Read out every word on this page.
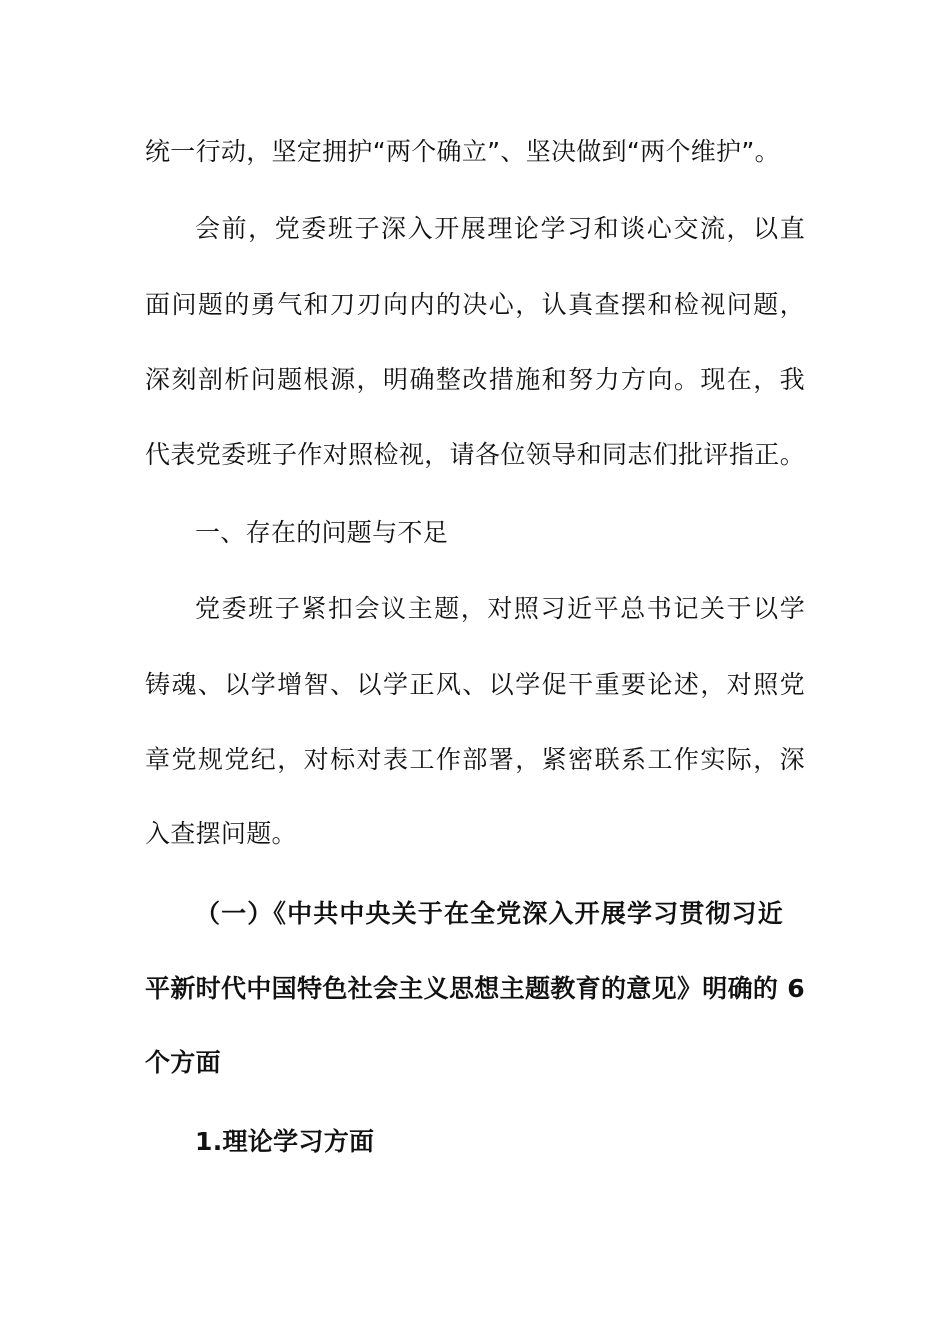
统一行动，坚定拥护“两个确立”、坚决做到“两个维护”。
会前，党委班子深入开展理论学习和谈心交流，以直
面问题的勇气和刀刃向内的决心，认真查摆和检视问题，
深刻剖析问题根源，明确整改措施和努力方向。现在，我
代表党委班子作对照检视，请各位领导和同志们批评指正。
一、存在的问题与不足
党委班子紧扣会议主题，对照习近平总书记关于以学
铸魂、以学增智、以学正风、以学促干重要论述，对照党
章党规党纪，对标对表工作部署，紧密联系工作实际，深
入查摆问题。
（一）《中共中央关于在全党深入开展学习贯彻习近
平新时代中国特色社会主义思想主题教育的意见》明确的 6
个方面
1.理论学习方面
